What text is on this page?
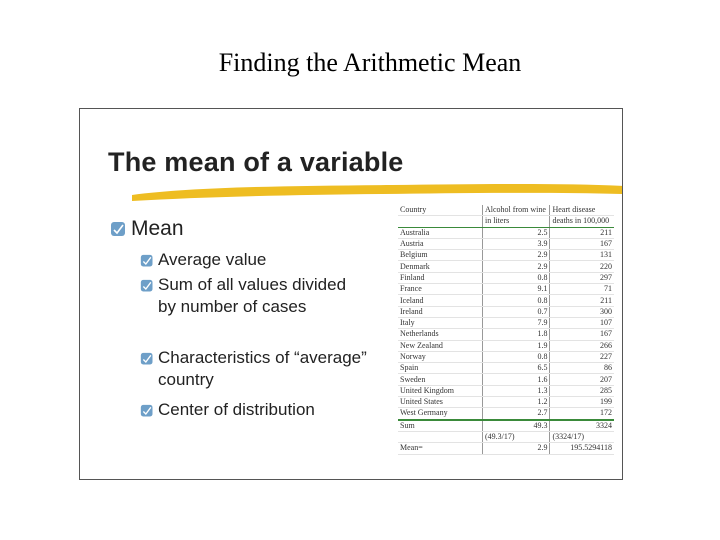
Finding the Arithmetic Mean
The mean of a variable
Mean
Average value
Sum of all values divided by number of cases
Characteristics of “average” country
Center of distribution
Country	Alcohol from wine	Heart disease
	in liters	deaths in 100,000
Australia	2.5	211
Austria	3.9	167
Belgium	2.9	131
Denmark	2.9	220
Finland	0.8	297
France	9.1	71
Iceland	0.8	211
Ireland	0.7	300
Italy	7.9	107
Netherlands	1.8	167
New Zealand	1.9	266
Norway	0.8	227
Spain	6.5	86
Sweden	1.6	207
United Kingdom	1.3	285
United States	1.2	199
West Germany	2.7	172
Sum	49.3	3324
	(49.3/17)	(3324/17)
Mean=	2.9	195.5294118
